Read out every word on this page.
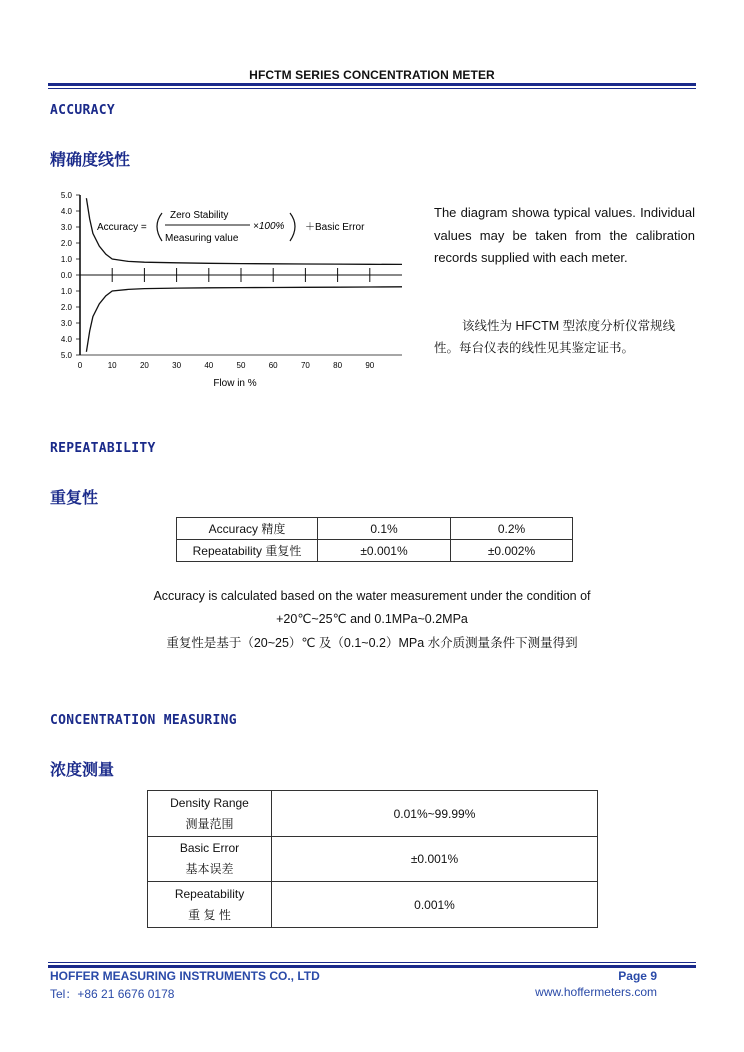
HFCTM SERIES CONCENTRATION METER
ACCURACY
精确度线性
5.0
4.0
3.0
2.0
1.0
0.0
1.0
2.0
3.0
4.0
5.0
0	10	20	30	40	50	60	70	80	90
Accuracy =
Zero Stability
Measuring value
×100% ＋Basic Error
Flow in %
The diagram showa typical values. Individual values may be taken from the calibration records supplied with each meter.
该线性为 HFCTM 型浓度分析仪常规线性。每台仪表的线性见其鉴定证书。
REPEATABILITY
重复性
Accuracy 精度	0.1%	0.2%
Repeatability 重复性	±0.001%	±0.002%
Accuracy is calculated based on the water measurement under the condition of
+20℃~25℃ and 0.1MPa~0.2MPa
重复性是基于（20~25）℃ 及（0.1~0.2）MPa 水介质测量条件下测量得到
CONCENTRATION MEASURING
浓度测量
Density Range
测量范围	0.01%~99.99%

Basic Error
基本误差	±0.001%

Repeatability
重 复 性	0.001%
HOFFER MEASURING INSTRUMENTS CO., LTD	Page 9
Tel：+86 21 6676 0178	www.hoffermeters.com
